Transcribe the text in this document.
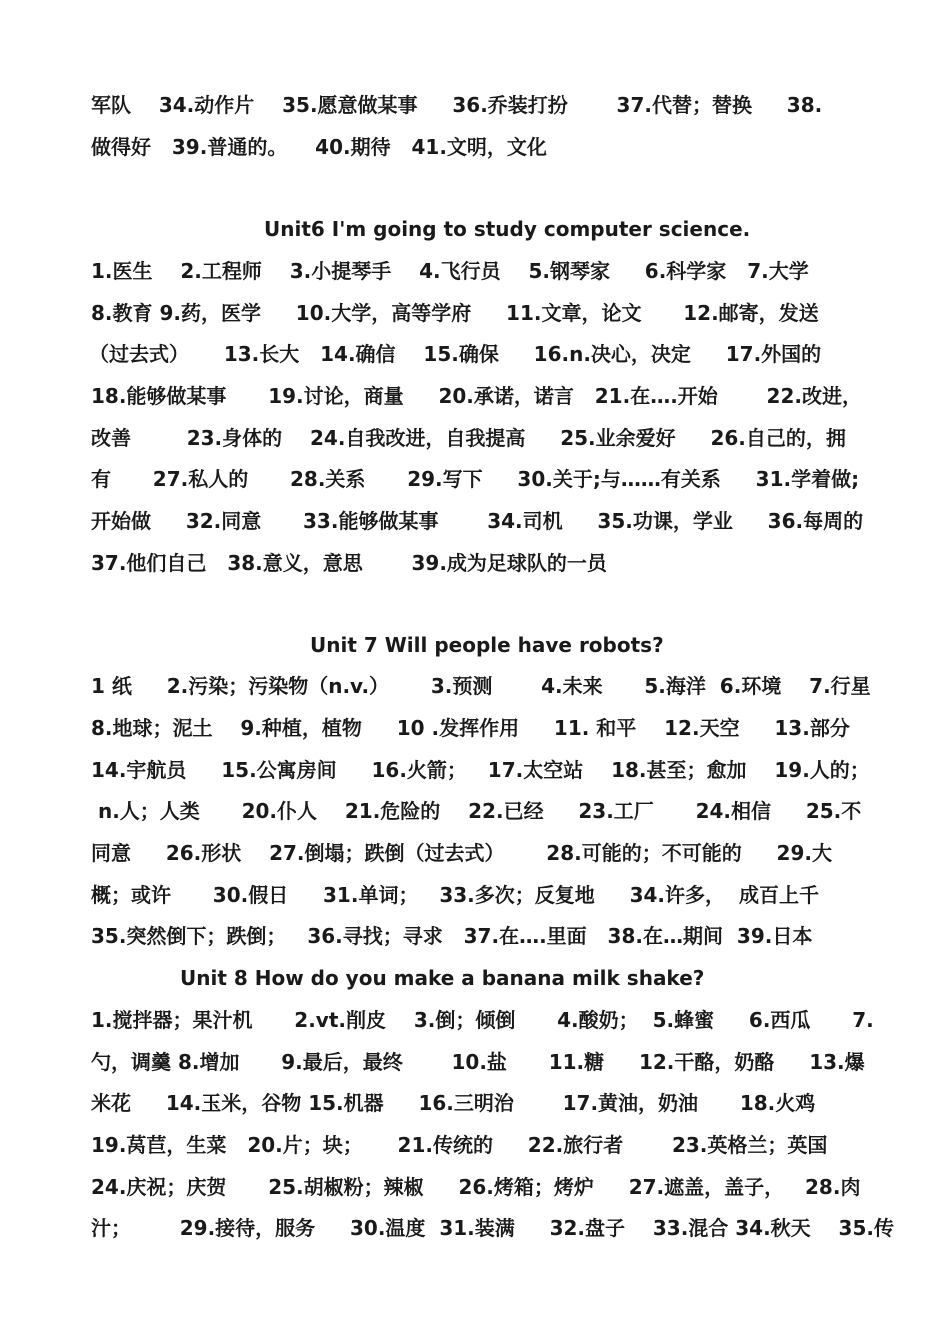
军队    34.动作片    35.愿意做某事     36.乔装打扮       37.代替；替换     38.
做得好   39.普通的。    40.期待   41.文明，文化
Unit6 I'm going to study computer science.
1.医生    2.工程师    3.小提琴手    4.飞行员    5.钢琴家     6.科学家   7.大学
8.教育 9.药，医学     10.大学，高等学府     11.文章，论文      12.邮寄，发送
（过去式）     13.长大   14.确信    15.确保     16.n.决心，决定     17.外国的
18.能够做某事      19.讨论，商量     20.承诺，诺言   21.在….开始       22.改进，
改善        23.身体的    24.自我改进，自我提高     25.业余爱好     26.自己的，拥
有      27.私人的      28.关系      29.写下     30.关于;与……有关系     31.学着做;
开始做     32.同意      33.能够做某事       34.司机     35.功课，学业     36.每周的
37.他们自己   38.意义，意思       39.成为足球队的一员
Unit 7 Will people have robots?
1 纸     2.污染；污染物（n.v.）      3.预测       4.未来      5.海洋  6.环境    7.行星
8.地球；泥土    9.种植，植物     10 .发挥作用     11. 和平    12.天空     13.部分
14.宇航员     15.公寓房间     16.火箭；   17.太空站    18.甚至；愈加    19.人的；
n.人；人类      20.仆人    21.危险的    22.已经     23.工厂      24.相信     25.不
同意     26.形状    27.倒塌；跌倒（过去式）      28.可能的；不可能的     29.大
概；或许      30.假日     31.单词；   33.多次；反复地     34.许多，  成百上千
35.突然倒下；跌倒；   36.寻找；寻求   37.在….里面   38.在…期间  39.日本
Unit 8 How do you make a banana milk shake?
1.搅拌器；果汁机      2.vt.削皮    3.倒；倾倒      4.酸奶；  5.蜂蜜     6.西瓜      7.
勺，调羹 8.增加      9.最后，最终       10.盐      11.糖     12.干酪，奶酪     13.爆
米花     14.玉米，谷物 15.机器     16.三明治       17.黄油，奶油      18.火鸡
19.莴苣，生菜   20.片；块；     21.传统的     22.旅行者       23.英格兰；英国
24.庆祝；庆贺      25.胡椒粉；辣椒     26.烤箱；烤炉     27.遮盖，盖子，   28.肉
汁；       29.接待，服务     30.温度  31.装满     32.盘子    33.混合 34.秋天    35.传
